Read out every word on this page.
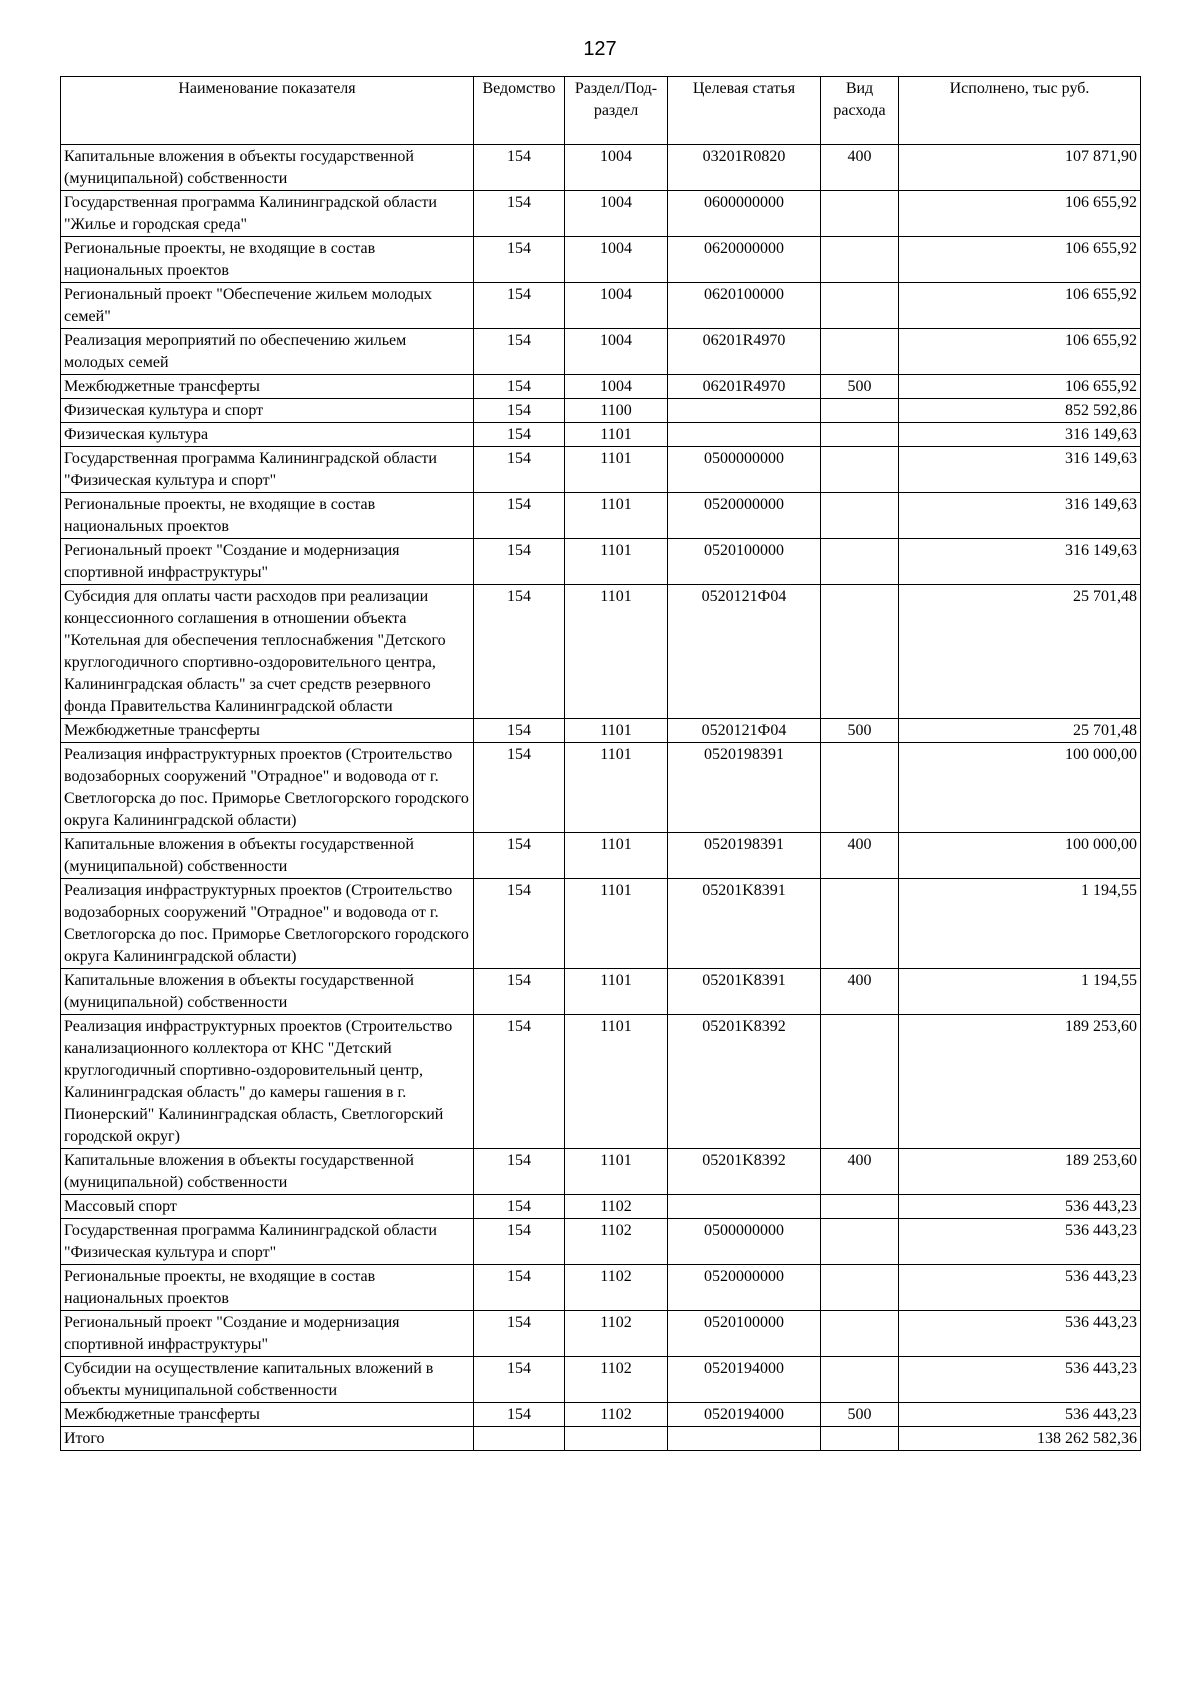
127
Наименование показателя	Ведомство	Раздел/Под-раздел	Целевая статья	Вид расхода	Исполнено, тыс руб.
Капитальные вложения в объекты государственной (муниципальной) собственности	154	1004	03201R0820	400	107 871,90
Государственная программа Калининградской области "Жилье и городская среда"	154	1004	0600000000		106 655,92
Региональные проекты, не входящие в состав национальных проектов	154	1004	0620000000		106 655,92
Региональный проект "Обеспечение жильем молодых семей"	154	1004	0620100000		106 655,92
Реализация мероприятий по обеспечению жильем молодых семей	154	1004	06201R4970		106 655,92
Межбюджетные трансферты	154	1004	06201R4970	500	106 655,92
Физическая культура и спорт	154	1100			852 592,86
Физическая культура	154	1101			316 149,63
Государственная программа Калининградской области "Физическая культура и спорт"	154	1101	0500000000		316 149,63
Региональные проекты, не входящие в состав национальных проектов	154	1101	0520000000		316 149,63
Региональный проект "Создание и модернизация спортивной инфраструктуры"	154	1101	0520100000		316 149,63
Субсидия для оплаты части расходов при реализации концессионного соглашения в отношении объекта "Котельная для обеспечения теплоснабжения "Детского круглогодичного спортивно-оздоровительного центра, Калининградская область" за счет средств резервного фонда Правительства Калининградской области	154	1101	0520121Ф04		25 701,48
Межбюджетные трансферты	154	1101	0520121Ф04	500	25 701,48
Реализация инфраструктурных проектов (Строительство водозаборных сооружений "Отрадное" и водовода от г. Светлогорска до пос. Приморье Светлогорского городского округа Калининградской области)	154	1101	0520198391		100 000,00
Капитальные вложения в объекты государственной (муниципальной) собственности	154	1101	0520198391	400	100 000,00
Реализация инфраструктурных проектов (Строительство водозаборных сооружений "Отрадное" и водовода от г. Светлогорска до пос. Приморье Светлогорского городского округа Калининградской области)	154	1101	05201K8391		1 194,55
Капитальные вложения в объекты государственной (муниципальной) собственности	154	1101	05201K8391	400	1 194,55
Реализация инфраструктурных проектов (Строительство канализационного коллектора от КНС "Детский круглогодичный спортивно-оздоровительный центр, Калининградская область" до камеры гашения в г. Пионерский" Калининградская область, Светлогорский городской округ)	154	1101	05201K8392		189 253,60
Капитальные вложения в объекты государственной (муниципальной) собственности	154	1101	05201K8392	400	189 253,60
Массовый спорт	154	1102			536 443,23
Государственная программа Калининградской области "Физическая культура и спорт"	154	1102	0500000000		536 443,23
Региональные проекты, не входящие в состав национальных проектов	154	1102	0520000000		536 443,23
Региональный проект "Создание и модернизация спортивной инфраструктуры"	154	1102	0520100000		536 443,23
Субсидии на осуществление капитальных вложений в объекты муниципальной собственности	154	1102	0520194000		536 443,23
Межбюджетные трансферты	154	1102	0520194000	500	536 443,23
Итого					138 262 582,36
